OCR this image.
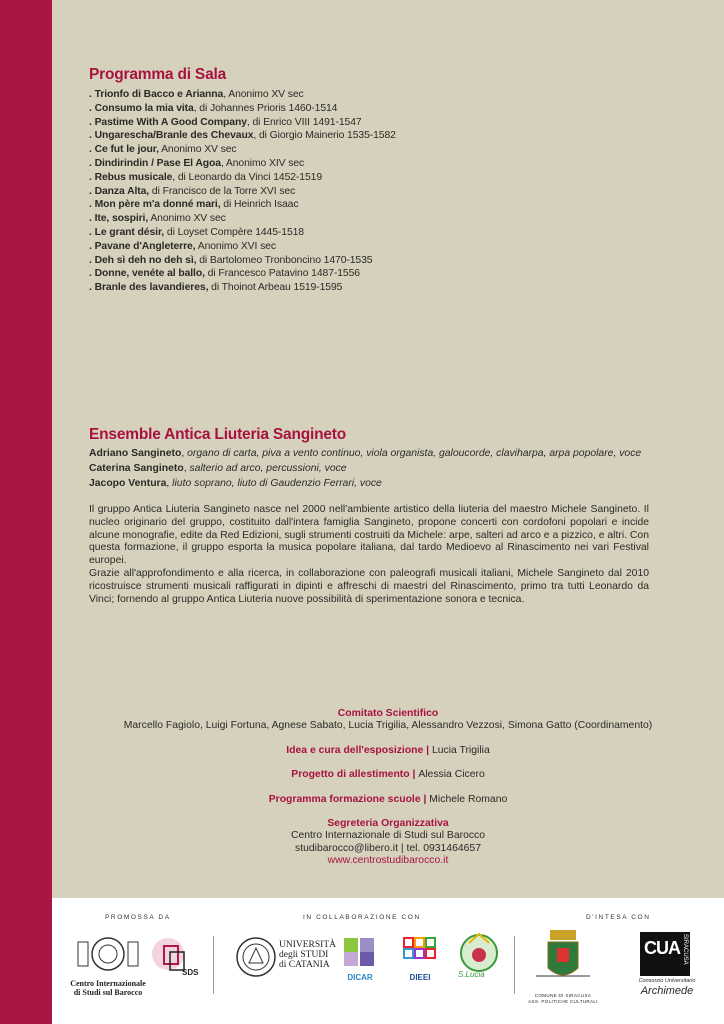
Programma di Sala
. Trionfo di Bacco e Arianna, Anonimo XV sec
. Consumo la mia vita, di Johannes Prioris 1460-1514
. Pastime With A Good Company, di Enrico VIII 1491-1547
. Ungarescha/Branle des Chevaux, di Giorgio Mainerio 1535-1582
. Ce fut le jour, Anonimo XV sec
. Dindirindin / Pase El Agoa, Anonimo XIV sec
. Rebus musicale, di Leonardo da Vinci 1452-1519
. Danza Alta, di Francisco de la Torre XVI sec
. Mon père m'a donné mari, di Heinrich Isaac
. Ite, sospiri, Anonimo XV sec
. Le grant désir, di Loyset Compère 1445-1518
. Pavane d'Angleterre, Anonimo XVI sec
. Deh sì deh no deh sì, di Bartolomeo Tronboncino 1470-1535
. Donne, venéte al ballo, di Francesco Patavino 1487-1556
. Branle des lavandieres, di Thoinot Arbeau 1519-1595
Ensemble Antica Liuteria Sangineto
Adriano Sangineto, organo di carta, piva a vento continuo, viola organista, galoucorde, claviharpa, arpa popolare, voce
Caterina Sangineto, salterio ad arco, percussioni, voce
Jacopo Ventura, liuto soprano, liuto di Gaudenzio Ferrari, voce

Il gruppo Antica Liuteria Sangineto nasce nel 2000 nell'ambiente artistico della liuteria del maestro Michele Sangineto. Il nucleo originario del gruppo, costituito dall'intera famiglia Sangineto, propone concerti con cordofoni popolari e incide alcune monografie, edite da Red Edizioni, sugli strumenti costruiti da Michele: arpe, salteri ad arco e a pizzico, e altri. Con questa formazione, il gruppo esporta la musica popolare italiana, dal tardo Medioevo al Rinascimento nei vari Festival europei.

Grazie all'approfondimento e alla ricerca, in collaborazione con paleografi musicali italiani, Michele Sangineto dal 2010 ricostruisce strumenti musicali raffigurati in dipinti e affreschi di maestri del Rinascimento, primo tra tutti Leonardo da Vinci; fornendo al gruppo Antica Liuteria nuove possibilità di sperimentazione sonora e tecnica.

Comitato Scientifico
Marcello Fagiolo, Luigi Fortuna, Agnese Sabato, Lucia Trigilia, Alessandro Vezzosi, Simona Gatto (Coordinamento)
Idea e cura dell'esposizione | Lucia Trigilia
Progetto di allestimento | Alessia Cicero
Programma formazione scuole | Michele Romano
Segreteria Organizzativa
Centro Internazionale di Studi sul Barocco
studibarocco@libero.it | tel. 0931464657
www.centrostudibarocco.it
PROMOSSA DA	IN COLLABORAZIONE CON	D'INTESA CON
Centro Internazionale di Studi sul Barocco
SDS
UNIVERSITÀ
degli STUDI
di CATANIA
DICAR	DIEEI	S.Lucia
COMUNE DI SIRACUSA
ASS. POLITICHE CULTURALI
CUA SIRACUSA
Consorzio Universitario
Archimede
